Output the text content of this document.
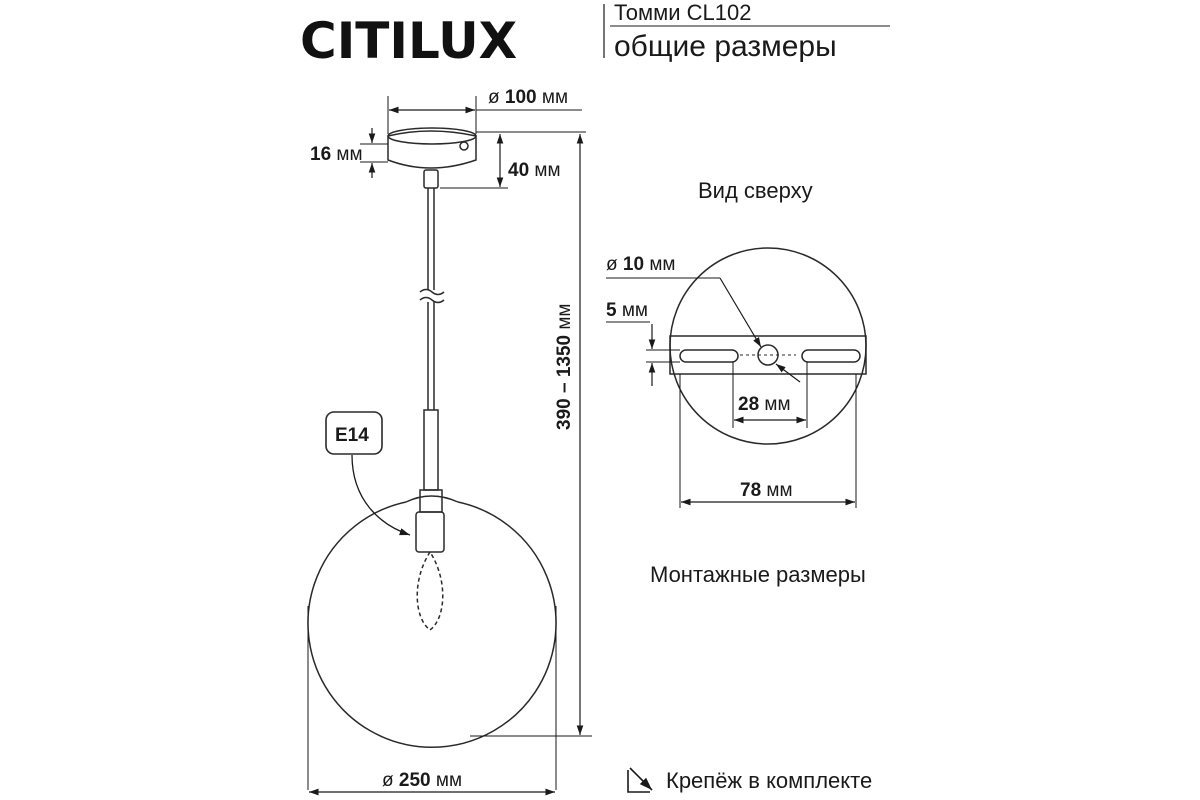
CITILUX	Томми CL102
общие размеры
E14
ø 100 мм
16 мм
40 мм
390 – 1350 мм
ø 250 мм
Вид сверху
ø 10 мм
5 мм
28 мм
78 мм
Монтажные размеры
Крепёж в комплекте
